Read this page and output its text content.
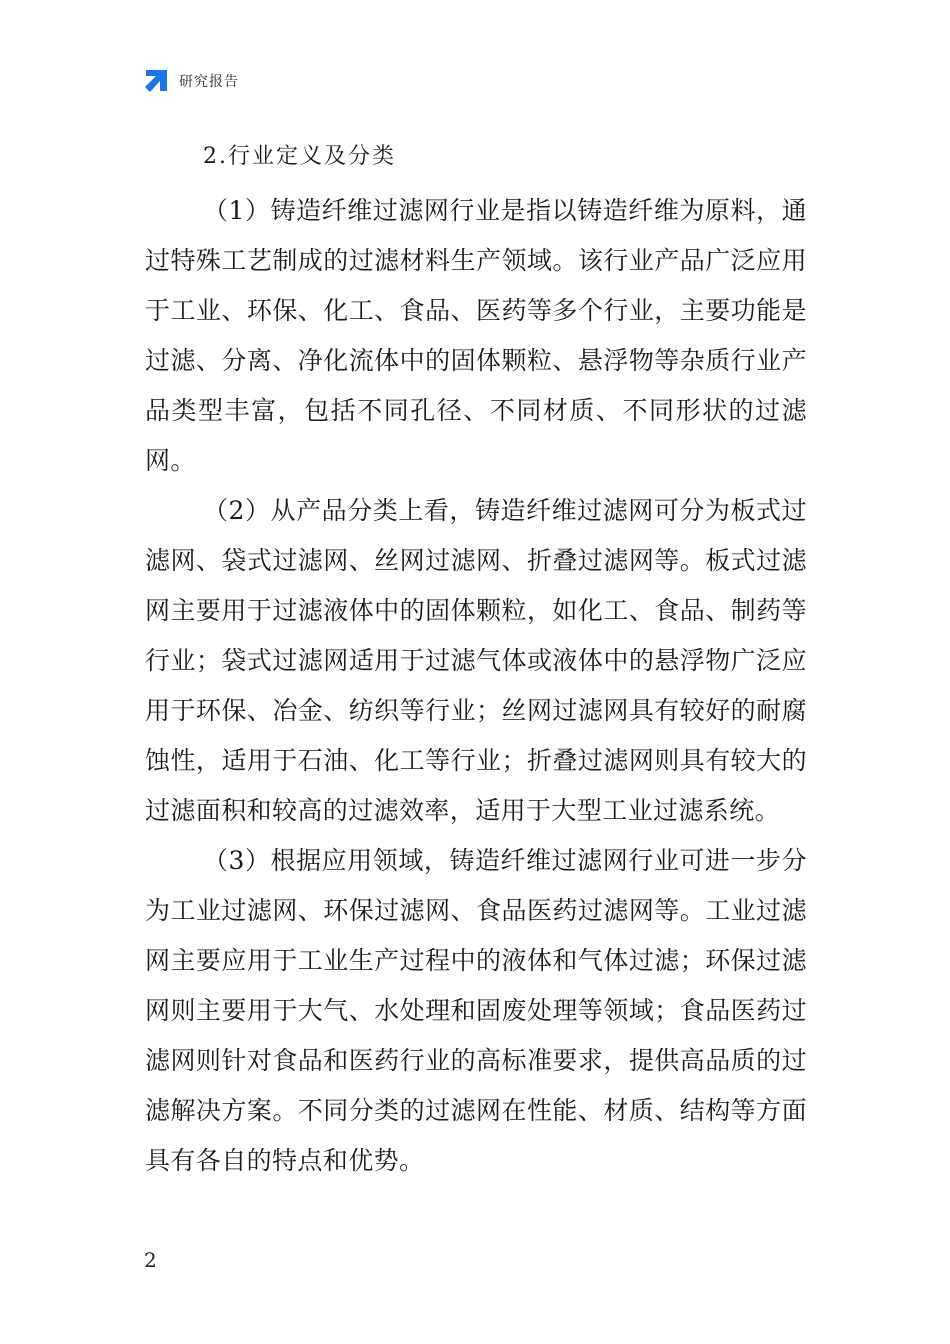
研究报告

2.行业定义及分类

（1）铸造纤维过滤网行业是指以铸造纤维为原料，通过特殊工艺制成的过滤材料生产领域。该行业产品广泛应用于工业、环保、化工、食品、医药等多个行业，主要功能是过滤、分离、净化流体中的固体颗粒、悬浮物等杂质行业产品类型丰富，包括不同孔径、不同材质、不同形状的过滤网。

（2）从产品分类上看，铸造纤维过滤网可分为板式过滤网、袋式过滤网、丝网过滤网、折叠过滤网等。板式过滤网主要用于过滤液体中的固体颗粒，如化工、食品、制药等行业；袋式过滤网适用于过滤气体或液体中的悬浮物广泛应用于环保、冶金、纺织等行业；丝网过滤网具有较好的耐腐蚀性，适用于石油、化工等行业；折叠过滤网则具有较大的过滤面积和较高的过滤效率，适用于大型工业过滤系统。

（3）根据应用领域，铸造纤维过滤网行业可进一步分为工业过滤网、环保过滤网、食品医药过滤网等。工业过滤网主要应用于工业生产过程中的液体和气体过滤；环保过滤网则主要用于大气、水处理和固废处理等领域；食品医药过滤网则针对食品和医药行业的高标准要求，提供高品质的过滤解决方案。不同分类的过滤网在性能、材质、结构等方面具有各自的特点和优势。

2
